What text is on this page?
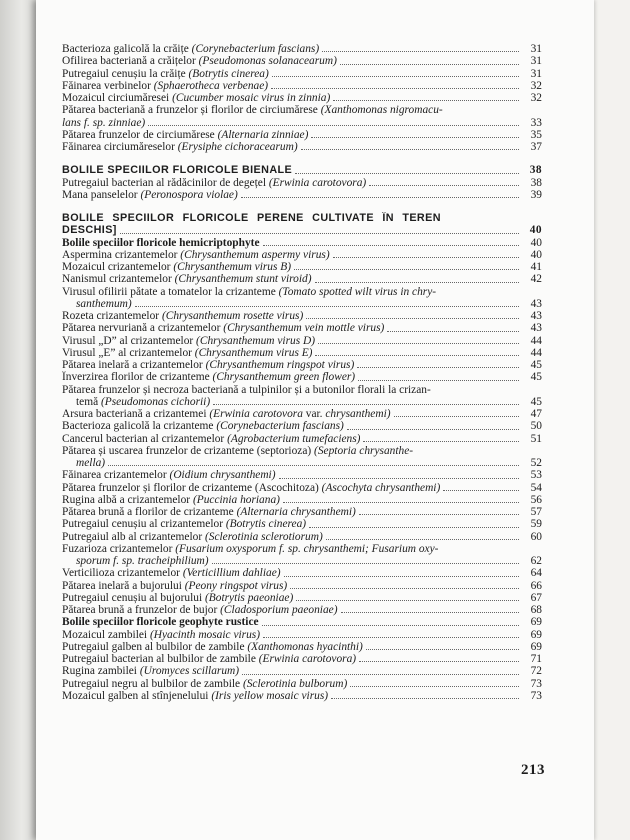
Bacterioza galicolă la crăițe (Corynebacterium fascians)	31
Ofilirea bacteriană a crăițelor (Pseudomonas solanacearum)	31
Putregaiul cenușiu la crăițe (Botrytis cinerea)	31
Făinarea verbinelor (Sphaerotheca verbenae)	32
Mozaicul circiumăresei (Cucumber mosaic virus in zinnia)	32
Pătarea bacteriană a frunzelor și florilor de circiumărese (Xanthomonas nigromacu-
lans f. sp. zinniae)	33
Pătarea frunzelor de circiumărese (Alternaria zinniae)	35
Făinarea circiumăreselor (Erysiphe cichoracearum)	37
BOLILE SPECIILOR FLORICOLE BIENALE	38
Putregaiul bacterian al rădăcinilor de degețel (Erwinia carotovora)	38
Mana panselelor (Peronospora violae)	39
BOLILE SPECIILOR FLORICOLE PERENE CULTIVATE ÎN TEREN
DESCHIS]	40
Bolile speciilor floricole hemicriptophyte	40
Aspermina crizantemelor (Chrysanthemum aspermy virus)	40
Mozaicul crizantemelor (Chrysanthemum virus B)	41
Nanismul crizantemelor (Chrysanthemum stunt viroid)	42
Virusul ofilirii pătate a tomatelor la crizanteme (Tomato spotted wilt virus in chry-
santhemum)	43
Rozeta crizantemelor (Chrysanthemum rosette virus)	43
Pătarea nervuriană a crizantemelor (Chrysanthemum vein mottle virus)	43
Virusul „D” al crizantemelor (Chrysanthemum virus D)	44
Virusul „E” al crizantemelor (Chrysanthemum virus E)	44
Pătarea inelară a crizantemelor (Chrysanthemum ringspot virus)	45
Înverzirea florilor de crizanteme (Chrysanthemum green flower)	45
Pătarea frunzelor și necroza bacteriană a tulpinilor și a butonilor florali la crizan-
temă (Pseudomonas cichorii)	45
Arsura bacteriană a crizantemei (Erwinia carotovora var. chrysanthemi)	47
Bacterioza galicolă la crizanteme (Corynebacterium fascians)	50
Cancerul bacterian al crizantemelor (Agrobacterium tumefaciens)	51
Pătarea și uscarea frunzelor de crizanteme (septorioza) (Septoria chrysanthe-
mella)	52
Făinarea crizantemelor (Oidium chrysanthemi)	53
Pătarea frunzelor și florilor de crizanteme (Ascochitoza) (Ascochyta chrysanthemi)	54
Rugina albă a crizantemelor (Puccinia horiana)	56
Pătarea brună a florilor de crizanteme (Alternaria chrysanthemi)	57
Putregaiul cenușiu al crizantemelor (Botrytis cinerea)	59
Putregaiul alb al crizantemelor (Sclerotinia sclerotiorum)	60
Fuzarioza crizantemelor (Fusarium oxysporum f. sp. chrysanthemi; Fusarium oxy-
sporum f. sp. tracheiphilium)	62
Verticilioza crizantemelor (Verticillium dahliae)	64
Pătarea inelară a bujorului (Peony ringspot virus)	66
Putregaiul cenușiu al bujorului (Botrytis paeoniae)	67
Pătarea brună a frunzelor de bujor (Cladosporium paeoniae)	68
Bolile speciilor floricole geophyte rustice	69
Mozaicul zambilei (Hyacinth mosaic virus)	69
Putregaiul galben al bulbilor de zambile (Xanthomonas hyacinthi)	69
Putregaiul bacterian al bulbilor de zambile (Erwinia carotovora)	71
Rugina zambilei (Uromyces scillarum)	72
Putregaiul negru al bulbilor de zambile (Sclerotinia bulborum)	73
Mozaicul galben al stînjenelului (Iris yellow mosaic virus)	73
213
